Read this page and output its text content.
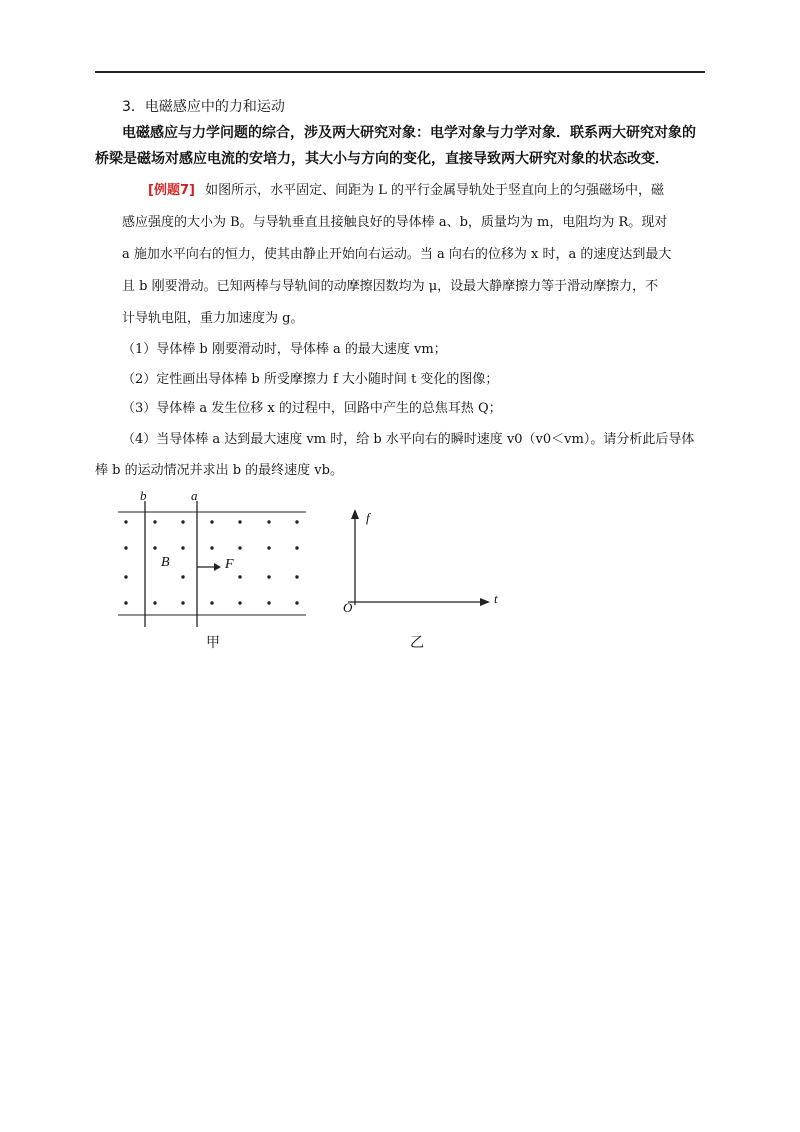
3．电磁感应中的力和运动
电磁感应与力学问题的综合，涉及两大研究对象：电学对象与力学对象．联系两大研究对象的
桥梁是磁场对感应电流的安培力，其大小与方向的变化，直接导致两大研究对象的状态改变．
[例题7] 如图所示，水平固定、间距为 L 的平行金属导轨处于竖直向上的匀强磁场中，磁
感应强度的大小为 B。与导轨垂直且接触良好的导体棒 a、b，质量均为 m，电阻均为 R。现对
a 施加水平向右的恒力，使其由静止开始向右运动。当 a 向右的位移为 x 时，a 的速度达到最大
且 b 刚要滑动。已知两棒与导轨间的动摩擦因数均为 μ，设最大静摩擦力等于滑动摩擦力，不
计导轨电阻，重力加速度为 g。
（1）导体棒 b 刚要滑动时，导体棒 a 的最大速度 vm；
（2）定性画出导体棒 b 所受摩擦力 f 大小随时间 t 变化的图像；
（3）导体棒 a 发生位移 x 的过程中，回路中产生的总焦耳热 Q；
（4）当导体棒 a 达到最大速度 vm 时，给 b 水平向右的瞬时速度 v0（v0＜vm）。请分析此后导体
棒 b 的运动情况并求出 b 的最终速度 vb。
b	a
B	F
甲
f
t
O
乙
